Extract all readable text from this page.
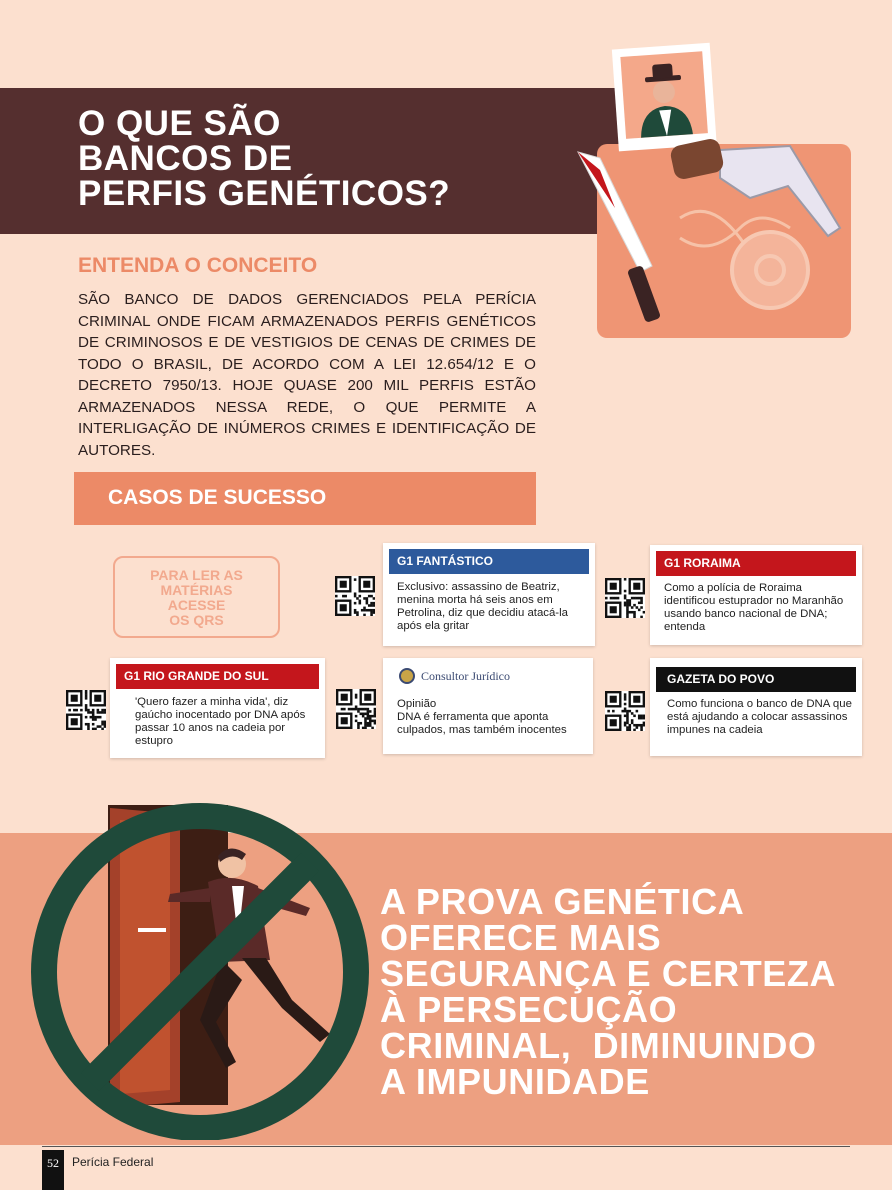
O QUE SÃO
BANCOS DE
PERFIS GENÉTICOS?
ENTENDA O CONCEITO
SÃO BANCO DE DADOS GERENCIADOS PELA PERÍCIA CRIMINAL ONDE FICAM ARMAZENADOS PERFIS GENÉTICOS DE CRIMINOSOS E DE VESTIGIOS DE CENAS DE CRIMES DE TODO O BRASIL, DE ACORDO COM A LEI 12.654/12 E O DECRETO 7950/13. HOJE QUASE 200 MIL PERFIS ESTÃO ARMAZENADOS NESSA REDE, O QUE PERMITE A INTERLIGAÇÃO DE INÚMEROS CRIMES E IDENTIFICAÇÃO DE AUTORES.
CASOS DE SUCESSO
PARA LER AS
MATÉRIAS
ACESSE
OS QRS
G1 FANTÁSTICO
Exclusivo: assassino de Beatriz, menina morta há seis anos em Petrolina, diz que decidiu atacá-la após ela gritar
G1 RORAIMA
Como a polícia de Roraima identificou estuprador no Maranhão usando banco nacional de DNA; entenda
G1 RIO GRANDE DO SUL
'Quero fazer a minha vida', diz gaúcho inocentado por DNA após passar 10 anos na cadeia por estupro
Consultor Jurídico
Opinião
DNA é ferramenta que aponta culpados, mas também inocentes
GAZETA DO POVO
Como funciona o banco de DNA que está ajudando a colocar assassinos impunes na cadeia
A PROVA GENÉTICA
OFERECE MAIS
SEGURANÇA E CERTEZA
À PERSECUÇÃO
CRIMINAL,  DIMINUINDO
A IMPUNIDADE
52	Perícia Federal
